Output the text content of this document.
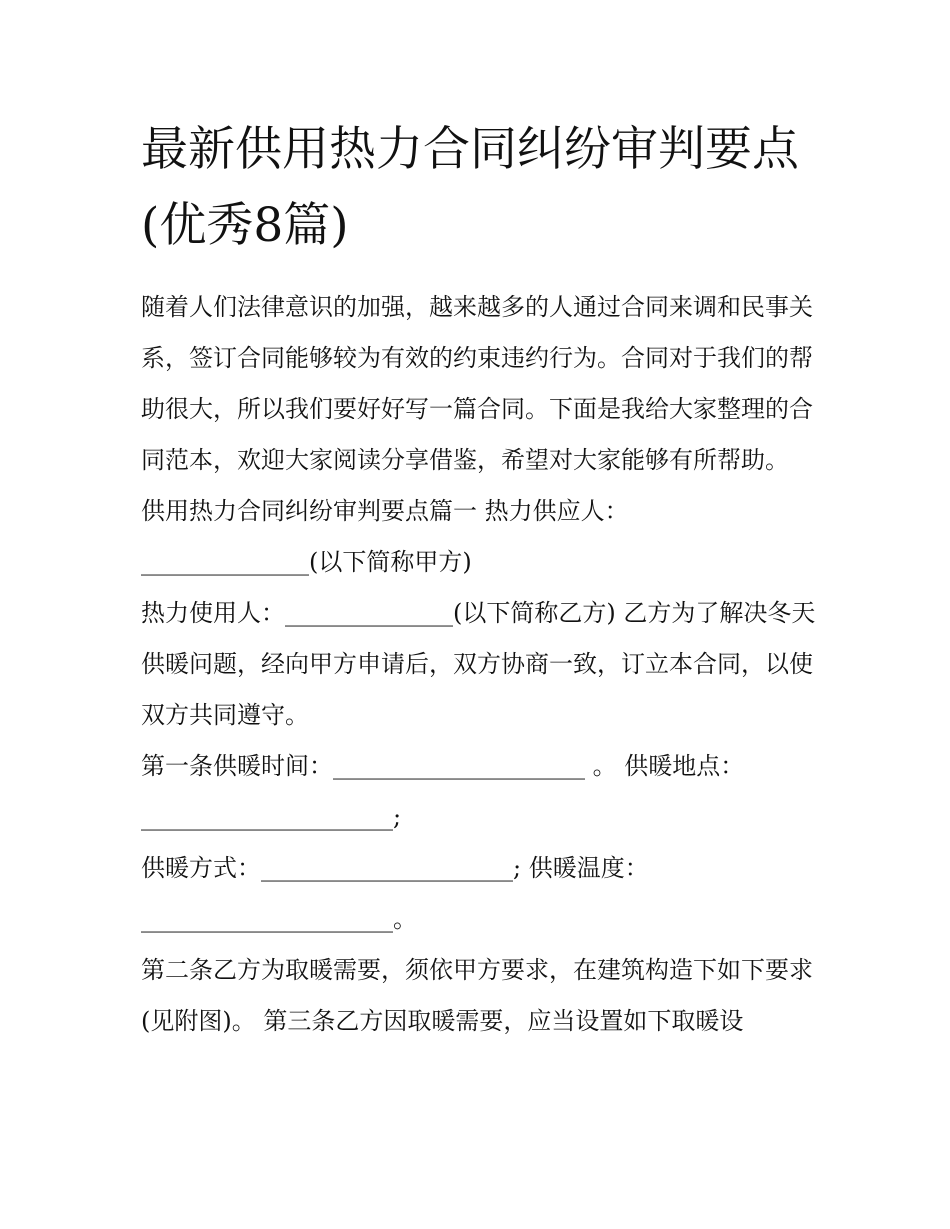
最新供用热力合同纠纷审判要点(优秀8篇)

随着人们法律意识的加强，越来越多的人通过合同来调和民事关系，签订合同能够较为有效的约束违约行为。合同对于我们的帮助很大，所以我们要好好写一篇合同。下面是我给大家整理的合同范本，欢迎大家阅读分享借鉴，希望对大家能够有所帮助。

供用热力合同纠纷审判要点篇一 热力供应人：______________(以下简称甲方)

热力使用人：______________(以下简称乙方) 乙方为了解决冬天供暖问题，经向甲方申请后，双方协商一致，订立本合同，以使双方共同遵守。

第一条供暖时间：_____________________ 。 供暖地点：_____________________;

供暖方式：_____________________; 供暖温度：_____________________。

第二条乙方为取暖需要，须依甲方要求，在建筑构造下如下要求(见附图)。 第三条乙方因取暖需要，应当设置如下取暖设
